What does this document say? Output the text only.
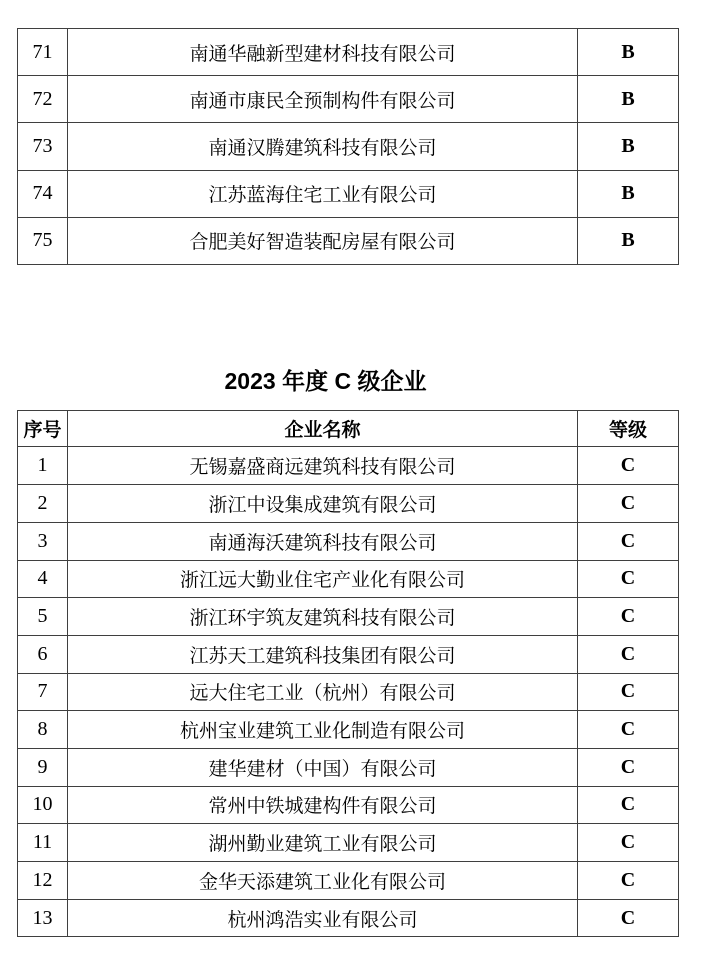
71	南通华融新型建材科技有限公司	B
72	南通市康民全预制构件有限公司	B
73	南通汉腾建筑科技有限公司	B
74	江苏蓝海住宅工业有限公司	B
75	合肥美好智造装配房屋有限公司	B
2023 年度 C 级企业
序号	企业名称	等级
1	无锡嘉盛商远建筑科技有限公司	C
2	浙江中设集成建筑有限公司	C
3	南通海沃建筑科技有限公司	C
4	浙江远大勤业住宅产业化有限公司	C
5	浙江环宇筑友建筑科技有限公司	C
6	江苏天工建筑科技集团有限公司	C
7	远大住宅工业（杭州）有限公司	C
8	杭州宝业建筑工业化制造有限公司	C
9	建华建材（中国）有限公司	C
10	常州中铁城建构件有限公司	C
11	湖州勤业建筑工业有限公司	C
12	金华天添建筑工业化有限公司	C
13	杭州鸿浩实业有限公司	C
